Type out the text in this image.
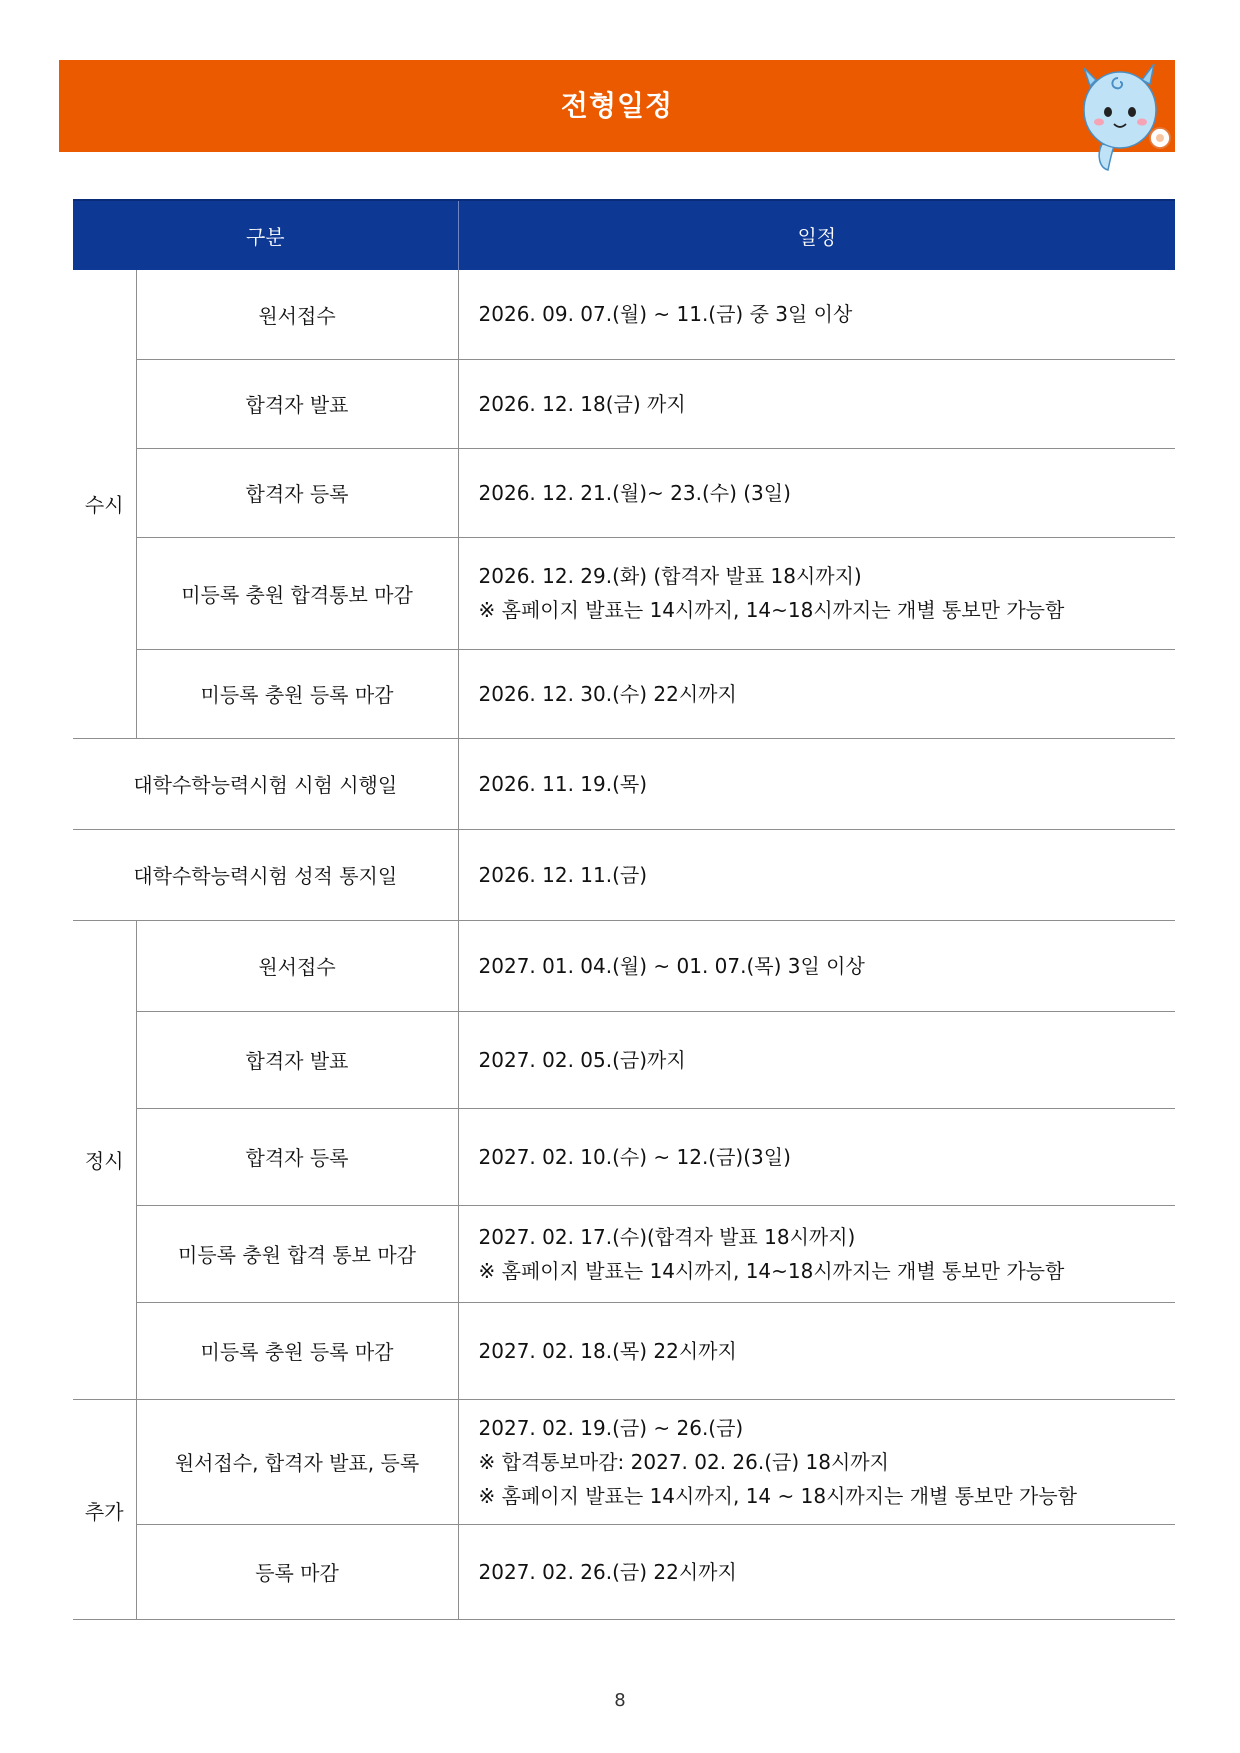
전형일정
구분		일정
수시	원서접수	2026. 09. 07.(월) ~ 11.(금) 중 3일 이상

	합격자 발표	2026. 12. 18(금) 까지

	합격자 등록	2026. 12. 21.(월)~ 23.(수) (3일)

	미등록 충원 합격통보 마감	2026. 12. 29.(화) (합격자 발표 18시까지)
※ 홈페이지 발표는 14시까지, 14~18시까지는 개별 통보만 가능함

	미등록 충원 등록 마감	2026. 12. 30.(수) 22시까지

대학수학능력시험 시험 시행일		2026. 11. 19.(목)

대학수학능력시험 성적 통지일		2026. 12. 11.(금)

정시	원서접수	2027. 01. 04.(월) ~ 01. 07.(목) 3일 이상

	합격자 발표	2027. 02. 05.(금)까지

	합격자 등록	2027. 02. 10.(수) ~ 12.(금)(3일)

	미등록 충원 합격 통보 마감	2027. 02. 17.(수)(합격자 발표 18시까지)
※ 홈페이지 발표는 14시까지, 14~18시까지는 개별 통보만 가능함

	미등록 충원 등록 마감	2027. 02. 18.(목) 22시까지

추가	원서접수, 합격자 발표, 등록	2027. 02. 19.(금) ~ 26.(금)
※ 합격통보마감: 2027. 02. 26.(금) 18시까지
※ 홈페이지 발표는 14시까지, 14 ~ 18시까지는 개별 통보만 가능함

	등록 마감	2027. 02. 26.(금) 22시까지
8
